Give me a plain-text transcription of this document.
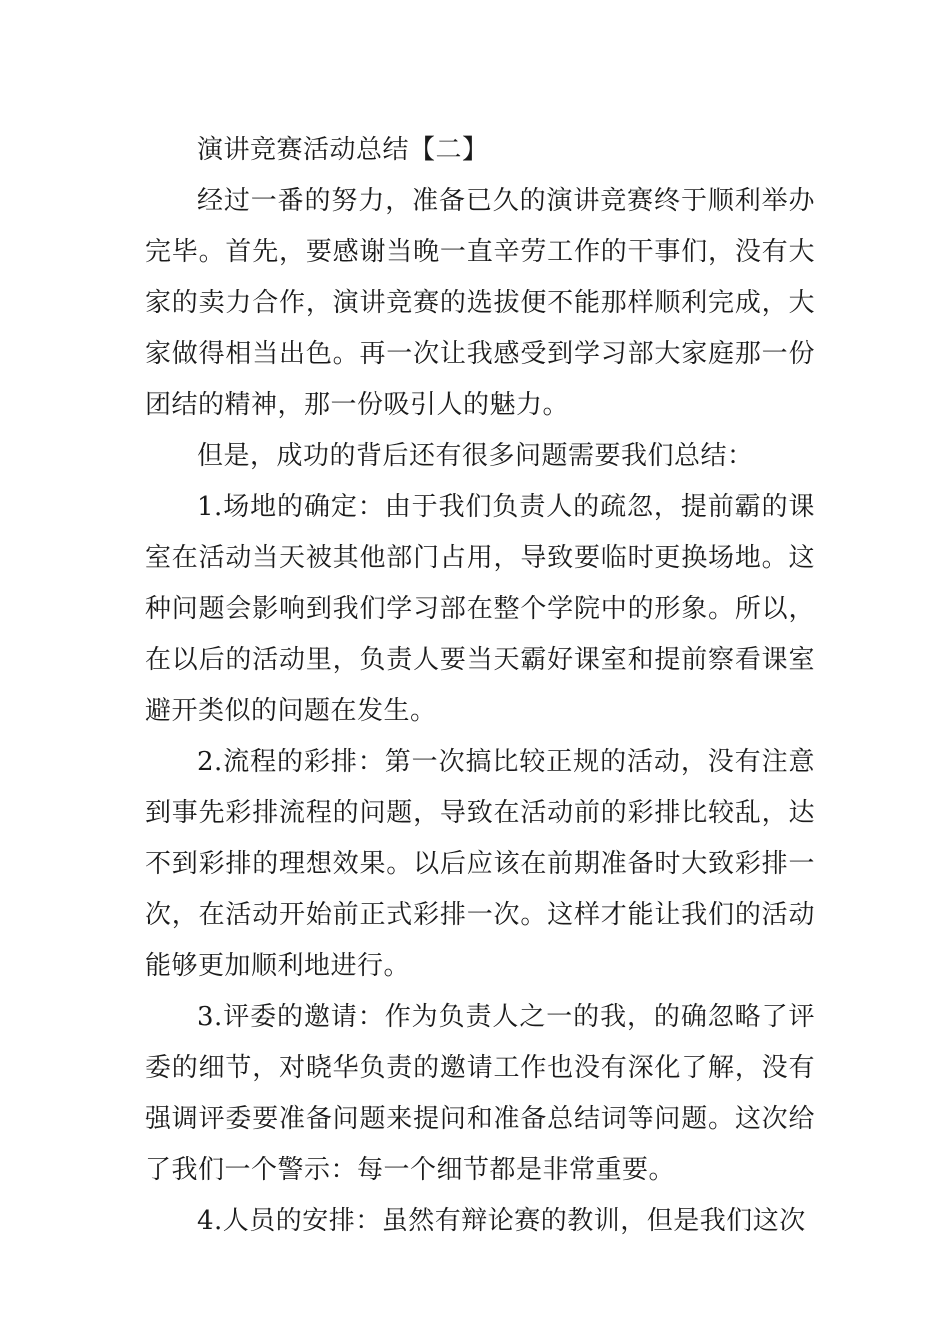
演讲竞赛活动总结【二】

经过一番的努力，准备已久的演讲竞赛终于顺利举办完毕。首先，要感谢当晚一直辛劳工作的干事们，没有大家的卖力合作，演讲竞赛的选拔便不能那样顺利完成，大家做得相当出色。再一次让我感受到学习部大家庭那一份团结的精神，那一份吸引人的魅力。

但是，成功的背后还有很多问题需要我们总结：

1.场地的确定：由于我们负责人的疏忽，提前霸的课室在活动当天被其他部门占用，导致要临时更换场地。这种问题会影响到我们学习部在整个学院中的形象。所以，在以后的活动里，负责人要当天霸好课室和提前察看课室避开类似的问题在发生。

2.流程的彩排：第一次搞比较正规的活动，没有注意到事先彩排流程的问题，导致在活动前的彩排比较乱，达不到彩排的理想效果。以后应该在前期准备时大致彩排一次，在活动开始前正式彩排一次。这样才能让我们的活动能够更加顺利地进行。

3.评委的邀请：作为负责人之一的我，的确忽略了评委的细节，对晓华负责的邀请工作也没有深化了解，没有强调评委要准备问题来提问和准备总结词等问题。这次给了我们一个警示：每一个细节都是非常重要。

4.人员的安排：虽然有辩论赛的教训，但是我们这次
